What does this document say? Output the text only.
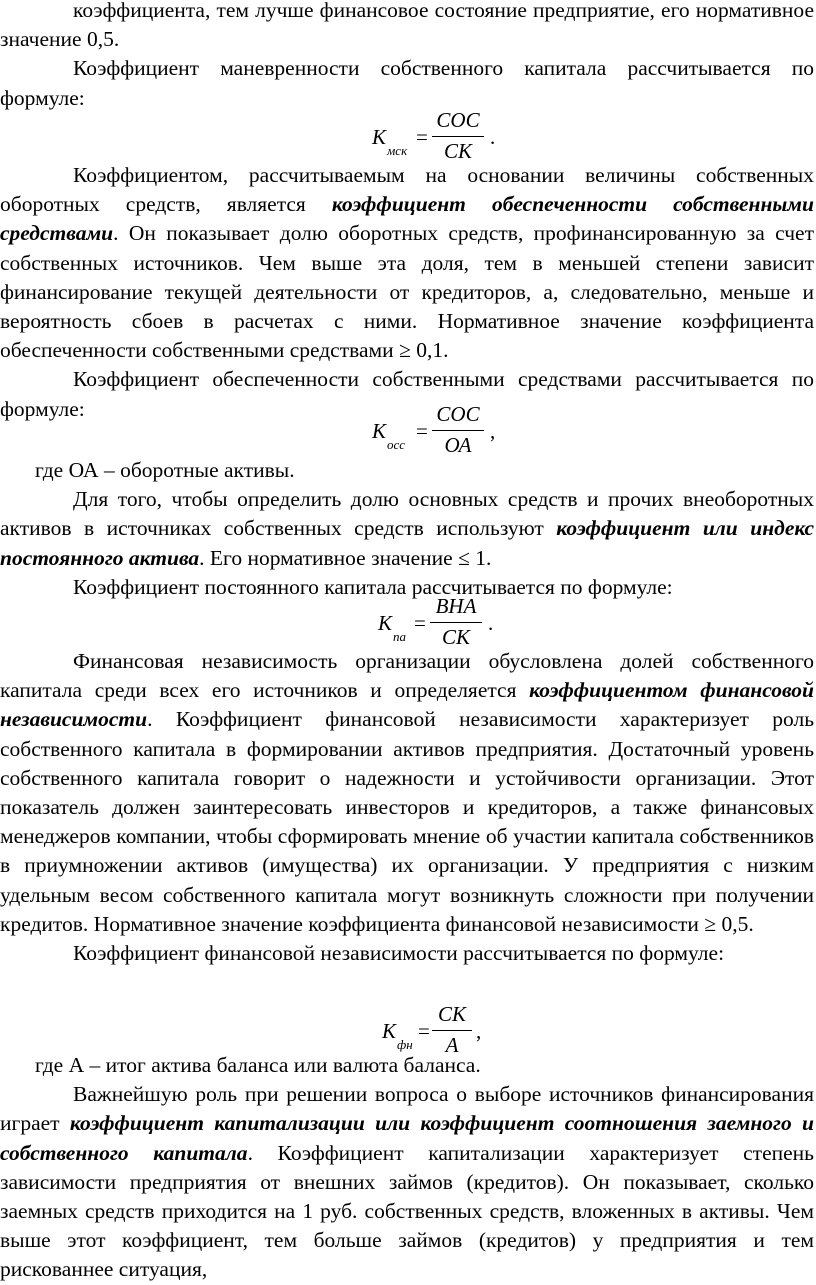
коэффициента, тем лучше финансовое состояние предприятие, его нормативное значение 0,5.

Коэффициент маневренности собственного капитала рассчитывается по формуле:

К
мск
=
СОС
СК
.

Коэффициентом, рассчитываемым на основании величины собственных оборотных средств, является коэффициент обеспеченности собственными средствами. Он показывает долю оборотных средств, профинансированную за счет собственных источников. Чем выше эта доля, тем в меньшей степени зависит финансирование текущей деятельности от кредиторов, а, следовательно, меньше и вероятность сбоев в расчетах с ними. Нормативное значение коэффициента обеспеченности собственными средствами ≥ 0,1.

Коэффициент обеспеченности собственными средствами рассчитывается по формуле:

К
осс
=
СОС
ОА
,

где ОА – оборотные активы.

Для того, чтобы определить долю основных средств и прочих внеоборотных активов в источниках собственных средств используют коэффициент или индекс постоянного актива. Его нормативное значение ≤ 1.

Коэффициент постоянного капитала рассчитывается по формуле:

К
па
=
ВНА
СК
.

Финансовая независимость организации обусловлена долей собственного капитала среди всех его источников и определяется коэффициентом финансовой независимости. Коэффициент финансовой независимости характеризует роль собственного капитала в формировании активов предприятия. Достаточный уровень собственного капитала говорит о надежности и устойчивости организации. Этот показатель должен заинтересовать инвесторов и кредиторов, а также финансовых менеджеров компании, чтобы сформировать мнение об участии капитала собственников в приумножении активов (имущества) их организации. У предприятия с низким удельным весом собственного капитала могут возникнуть сложности при получении кредитов. Нормативное значение коэффициента финансовой независимости ≥ 0,5.

Коэффициент финансовой независимости рассчитывается по формуле:

К
фн
=
СК
А
,

где А – итог актива баланса или валюта баланса.

Важнейшую роль при решении вопроса о выборе источников финансирования играет коэффициент капитализации или коэффициент соотношения заемного и собственного капитала. Коэффициент капитализации характеризует степень зависимости предприятия от внешних займов (кредитов). Он показывает, сколько заемных средств приходится на 1 руб. собственных средств, вложенных в активы. Чем выше этот коэффициент, тем больше займов (кредитов) у предприятия и тем рискованнее ситуация,
